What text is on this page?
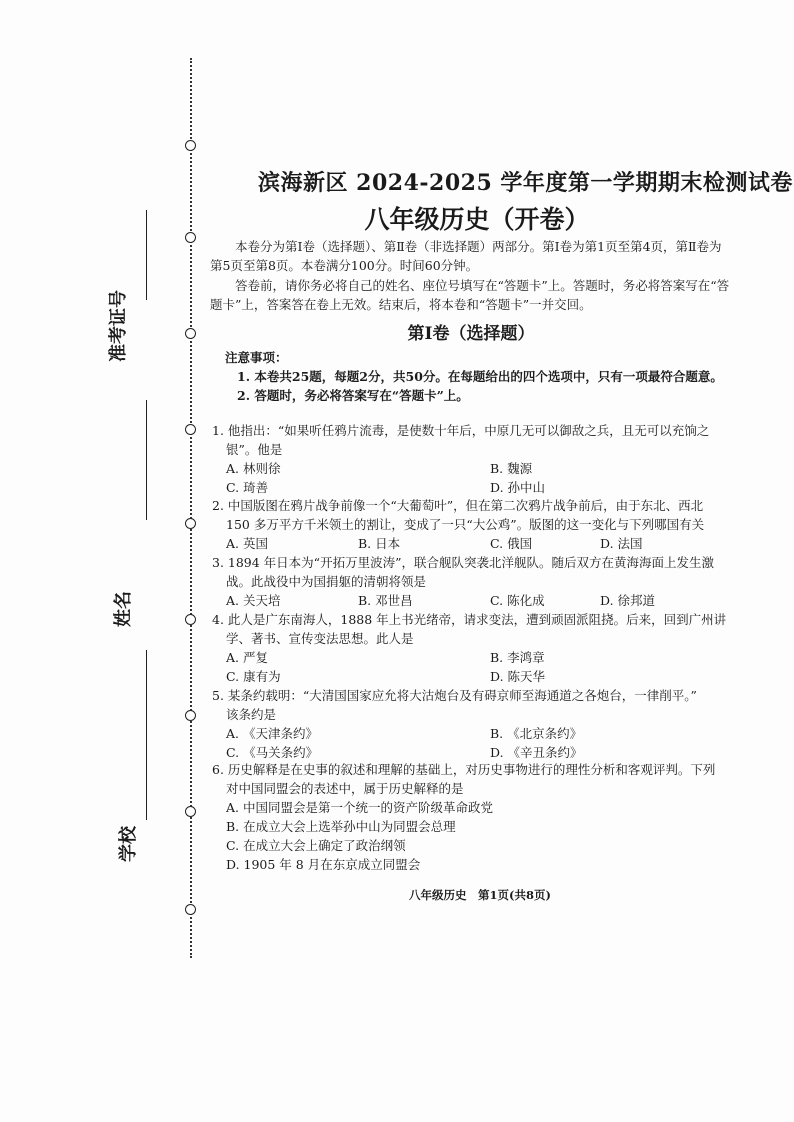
准考证号
姓名
学校
滨海新区 2024-2025 学年度第一学期期末检测试卷
八年级历史（开卷）

本卷分为第Ⅰ卷（选择题）、第Ⅱ卷（非选择题）两部分。第Ⅰ卷为第1页至第4页，第Ⅱ卷为第5页至第8页。本卷满分100分。时间60分钟。

答卷前，请你务必将自己的姓名、座位号填写在“答题卡”上。答题时，务必将答案写在“答题卡”上，答案答在卷上无效。结束后，将本卷和“答题卡”一并交回。

第Ⅰ卷（选择题）
注意事项：
1. 本卷共25题，每题2分，共50分。在每题给出的四个选项中，只有一项最符合题意。
2. 答题时，务必将答案写在“答题卡”上。
1. 他指出：“如果听任鸦片流毒，是使数十年后，中原几无可以御敌之兵，且无可以充饷之
银”。他是
A. 林则徐	B. 魏源
C. 琦善	D. 孙中山
2. 中国版图在鸦片战争前像一个“大葡萄叶”，但在第二次鸦片战争前后，由于东北、西北
150 多万平方千米领土的割让，变成了一只“大公鸡”。版图的这一变化与下列哪国有关
A. 英国	B. 日本	C. 俄国	D. 法国
3. 1894 年日本为“开拓万里波涛”，联合舰队突袭北洋舰队。随后双方在黄海海面上发生激
战。此战役中为国捐躯的清朝将领是
A. 关天培	B. 邓世昌	C. 陈化成	D. 徐邦道
4. 此人是广东南海人，1888 年上书光绪帝，请求变法，遭到顽固派阻挠。后来，回到广州讲
学、著书、宣传变法思想。此人是
A. 严复	B. 李鸿章
C. 康有为	D. 陈天华
5. 某条约载明：“大清国国家应允将大沽炮台及有碍京师至海通道之各炮台，一律削平。”
该条约是
A. 《天津条约》	B. 《北京条约》
C. 《马关条约》	D. 《辛丑条约》
6. 历史解释是在史事的叙述和理解的基础上，对历史事物进行的理性分析和客观评判。下列
对中国同盟会的表述中，属于历史解释的是
A. 中国同盟会是第一个统一的资产阶级革命政党
B. 在成立大会上选举孙中山为同盟会总理
C. 在成立大会上确定了政治纲领
D. 1905 年 8 月在东京成立同盟会
八年级历史　第1页(共8页)
